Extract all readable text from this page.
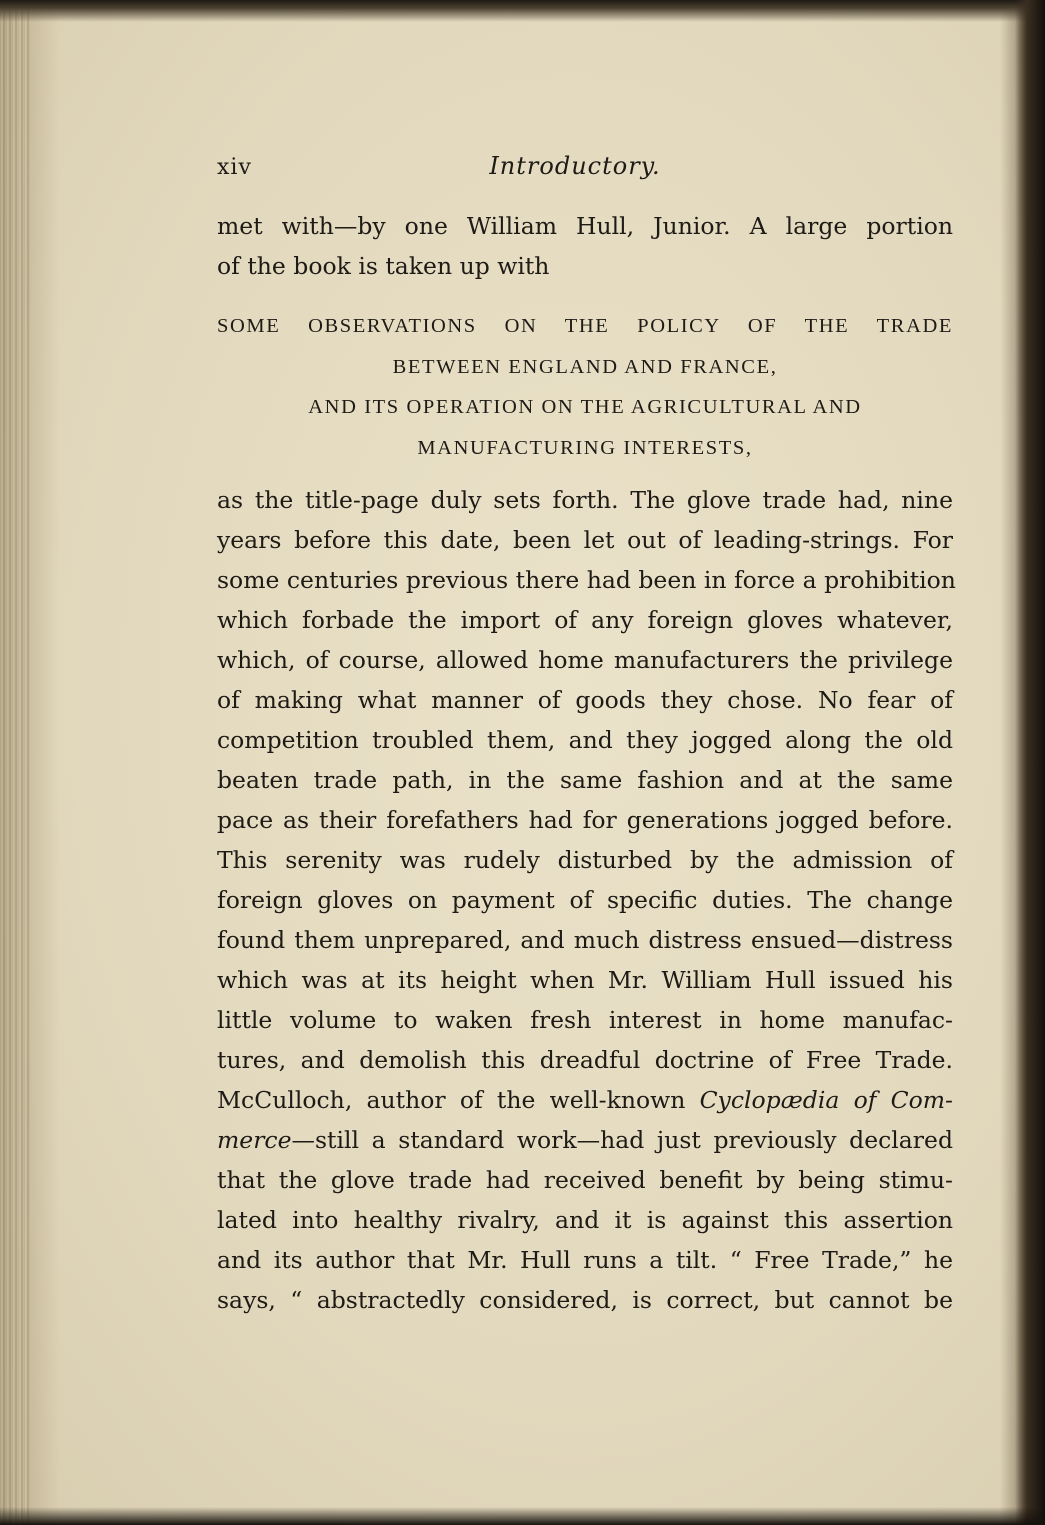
xiv	Introductory.
met with—by one William Hull, Junior. A large portion
of the book is taken up with
SOME OBSERVATIONS ON THE POLICY OF THE TRADE
BETWEEN ENGLAND AND FRANCE,
AND ITS OPERATION ON THE AGRICULTURAL AND
MANUFACTURING INTERESTS,
as the title-page duly sets forth. The glove trade had, nine
years before this date, been let out of leading-strings. For
some centuries previous there had been in force a prohibition
which forbade the import of any foreign gloves whatever,
which, of course, allowed home manufacturers the privilege
of making what manner of goods they chose. No fear of
competition troubled them, and they jogged along the old
beaten trade path, in the same fashion and at the same
pace as their forefathers had for generations jogged before.
This serenity was rudely disturbed by the admission of
foreign gloves on payment of specific duties. The change
found them unprepared, and much distress ensued—distress
which was at its height when Mr. William Hull issued his
little volume to waken fresh interest in home manufac-
tures, and demolish this dreadful doctrine of Free Trade.
McCulloch, author of the well-known Cyclopædia of Com-
merce—still a standard work—had just previously declared
that the glove trade had received benefit by being stimu-
lated into healthy rivalry, and it is against this assertion
and its author that Mr. Hull runs a tilt. “ Free Trade,” he
says, “ abstractedly considered, is correct, but cannot be
